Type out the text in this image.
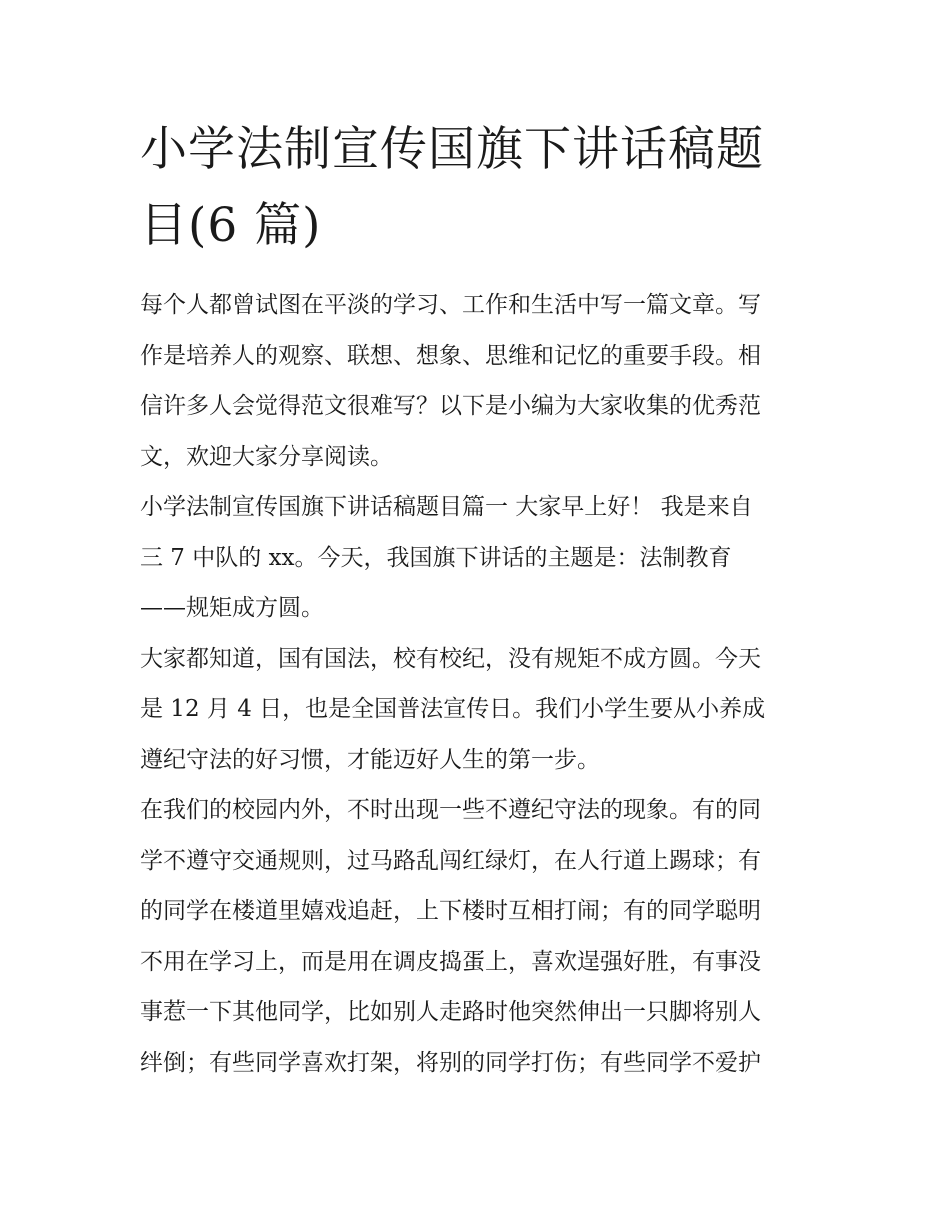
小学法制宣传国旗下讲话稿题
目(6 篇)
每个人都曾试图在平淡的学习、工作和生活中写一篇文章。写
作是培养人的观察、联想、想象、思维和记忆的重要手段。相
信许多人会觉得范文很难写？以下是小编为大家收集的优秀范
文，欢迎大家分享阅读。
小学法制宣传国旗下讲话稿题目篇一 大家早上好！ 我是来自
三 7 中队的 xx。今天，我国旗下讲话的主题是：法制教育
——规矩成方圆。
大家都知道，国有国法，校有校纪，没有规矩不成方圆。今天
是 12 月 4 日，也是全国普法宣传日。我们小学生要从小养成
遵纪守法的好习惯，才能迈好人生的第一步。
在我们的校园内外，不时出现一些不遵纪守法的现象。有的同
学不遵守交通规则，过马路乱闯红绿灯，在人行道上踢球；有
的同学在楼道里嬉戏追赶，上下楼时互相打闹；有的同学聪明
不用在学习上，而是用在调皮捣蛋上，喜欢逞强好胜，有事没
事惹一下其他同学，比如别人走路时他突然伸出一只脚将别人
绊倒；有些同学喜欢打架，将别的同学打伤；有些同学不爱护
